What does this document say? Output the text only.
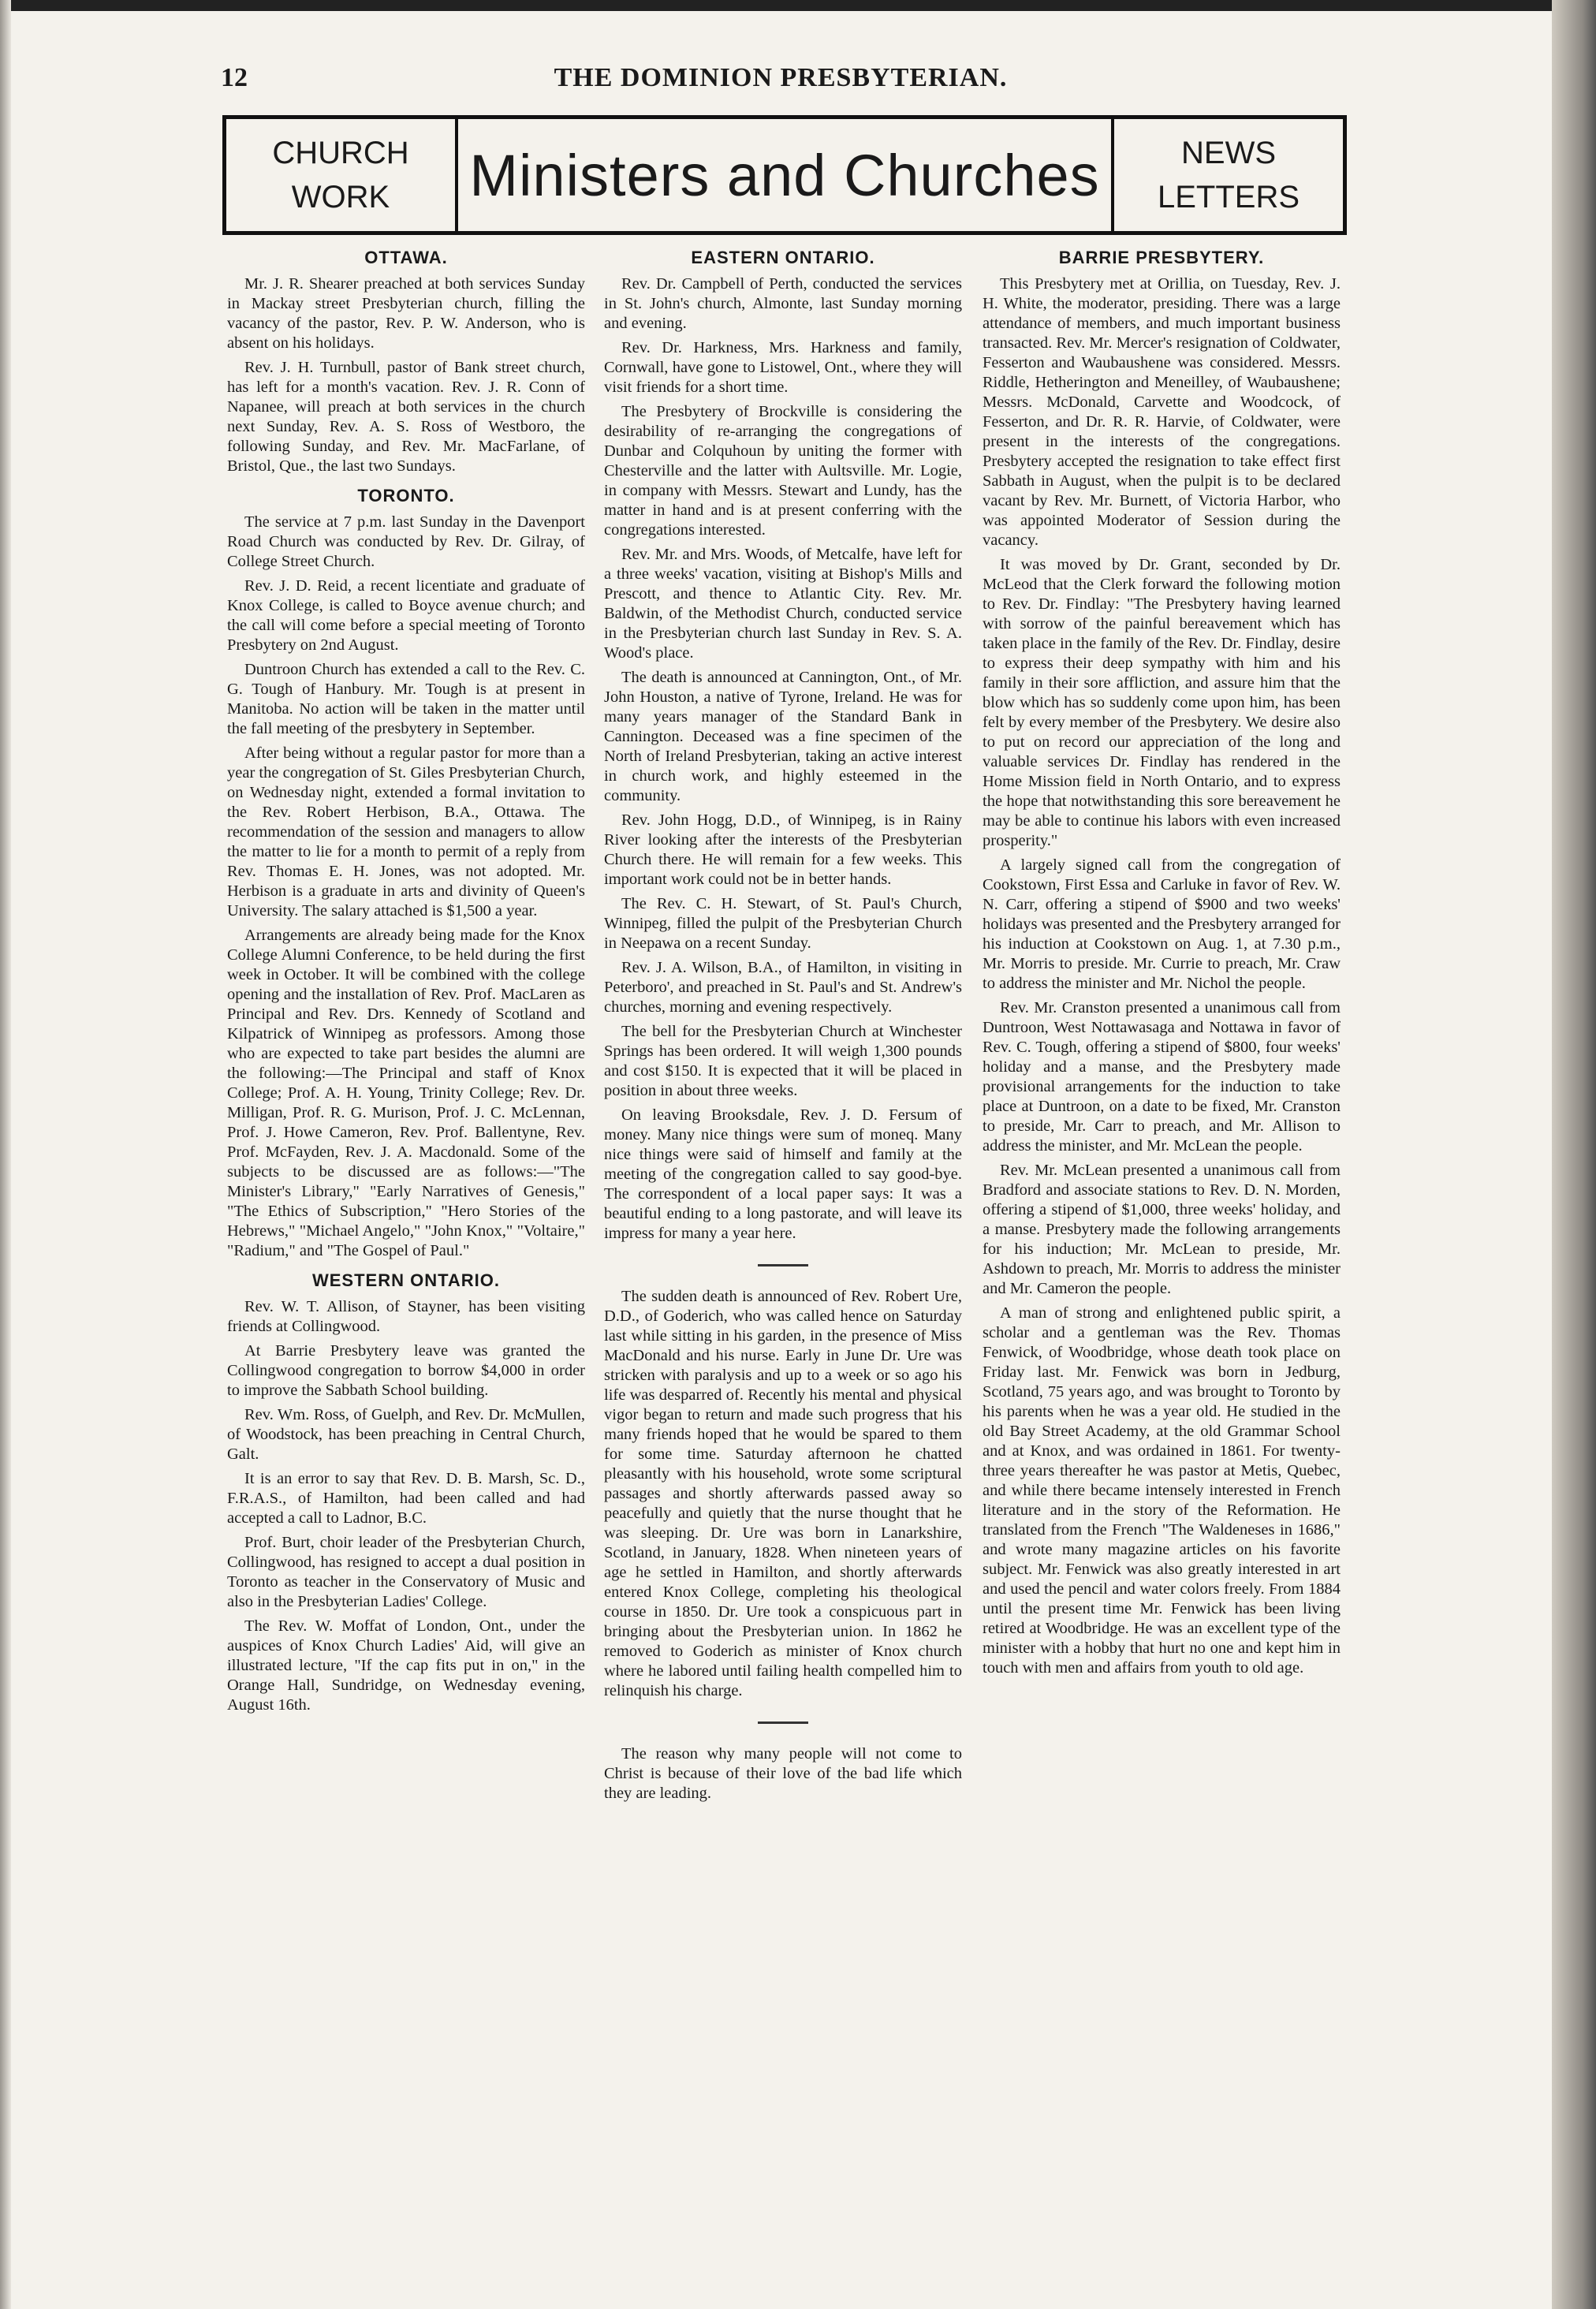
12	THE DOMINION PRESBYTERIAN.
CHURCH
WORK Ministers and Churches	NEWS
LETTERS
OTTAWA.

Mr. J. R. Shearer preached at both services Sunday in Mackay street Presbyterian church, filling the vacancy of the pastor, Rev. P. W. Anderson, who is absent on his holidays.

Rev. J. H. Turnbull, pastor of Bank street church, has left for a month's vacation. Rev. J. R. Conn of Napanee, will preach at both services in the church next Sunday, Rev. A. S. Ross of Westboro, the following Sunday, and Rev. Mr. MacFarlane, of Bristol, Que., the last two Sundays.

TORONTO.

The service at 7 p.m. last Sunday in the Davenport Road Church was conducted by Rev. Dr. Gilray, of College Street Church.

Rev. J. D. Reid, a recent licentiate and graduate of Knox College, is called to Boyce avenue church; and the call will come before a special meeting of Toronto Presbytery on 2nd August.

Duntroon Church has extended a call to the Rev. C. G. Tough of Hanbury. Mr. Tough is at present in Manitoba. No action will be taken in the matter until the fall meeting of the presbytery in September.

After being without a regular pastor for more than a year the congregation of St. Giles Presbyterian Church, on Wednesday night, extended a formal invitation to the Rev. Robert Herbison, B.A., Ottawa. The recommendation of the session and managers to allow the matter to lie for a month to permit of a reply from Rev. Thomas E. H. Jones, was not adopted. Mr. Herbison is a graduate in arts and divinity of Queen's University. The salary attached is $1,500 a year.

Arrangements are already being made for the Knox College Alumni Conference, to be held during the first week in October. It will be combined with the college opening and the installation of Rev. Prof. MacLaren as Principal and Rev. Drs. Kennedy of Scotland and Kilpatrick of Winnipeg as professors. Among those who are expected to take part besides the alumni are the following:—The Principal and staff of Knox College; Prof. A. H. Young, Trinity College; Rev. Dr. Milligan, Prof. R. G. Murison, Prof. J. C. McLennan, Prof. J. Howe Cameron, Rev. Prof. Ballentyne, Rev. Prof. McFayden, Rev. J. A. Macdonald. Some of the subjects to be discussed are as follows:—"The Minister's Library," "Early Narratives of Genesis," "The Ethics of Subscription," "Hero Stories of the Hebrews," "Michael Angelo," "John Knox," "Voltaire," "Radium," and "The Gospel of Paul."

WESTERN ONTARIO.

Rev. W. T. Allison, of Stayner, has been visiting friends at Collingwood.

At Barrie Presbytery leave was granted the Collingwood congregation to borrow $4,000 in order to improve the Sabbath School building.

Rev. Wm. Ross, of Guelph, and Rev. Dr. McMullen, of Woodstock, has been preaching in Central Church, Galt.

It is an error to say that Rev. D. B. Marsh, Sc. D., F.R.A.S., of Hamilton, had been called and had accepted a call to Ladnor, B.C.

Prof. Burt, choir leader of the Presbyterian Church, Collingwood, has resigned to accept a dual position in Toronto as teacher in the Conservatory of Music and also in the Presbyterian Ladies' College.

The Rev. W. Moffat of London, Ont., under the auspices of Knox Church Ladies' Aid, will give an illustrated lecture, "If the cap fits put in on," in the Orange Hall, Sundridge, on Wednesday evening, August 16th.

EASTERN ONTARIO.

Rev. Dr. Campbell of Perth, conducted the services in St. John's church, Almonte, last Sunday morning and evening.

Rev. Dr. Harkness, Mrs. Harkness and family, Cornwall, have gone to Listowel, Ont., where they will visit friends for a short time.

The Presbytery of Brockville is considering the desirability of re-arranging the congregations of Dunbar and Colquhoun by uniting the former with Chesterville and the latter with Aultsville. Mr. Logie, in company with Messrs. Stewart and Lundy, has the matter in hand and is at present conferring with the congregations interested.

Rev. Mr. and Mrs. Woods, of Metcalfe, have left for a three weeks' vacation, visiting at Bishop's Mills and Prescott, and thence to Atlantic City. Rev. Mr. Baldwin, of the Methodist Church, conducted service in the Presbyterian church last Sunday in Rev. S. A. Wood's place.

The death is announced at Cannington, Ont., of Mr. John Houston, a native of Tyrone, Ireland. He was for many years manager of the Standard Bank in Cannington. Deceased was a fine specimen of the North of Ireland Presbyterian, taking an active interest in church work, and highly esteemed in the community.

Rev. John Hogg, D.D., of Winnipeg, is in Rainy River looking after the interests of the Presbyterian Church there. He will remain for a few weeks. This important work could not be in better hands.

The Rev. C. H. Stewart, of St. Paul's Church, Winnipeg, filled the pulpit of the Presbyterian Church in Neepawa on a recent Sunday.

Rev. J. A. Wilson, B.A., of Hamilton, in visiting in Peterboro', and preached in St. Paul's and St. Andrew's churches, morning and evening respectively.

The bell for the Presbyterian Church at Winchester Springs has been ordered. It will weigh 1,300 pounds and cost $150. It is expected that it will be placed in position in about three weeks.

On leaving Brooksdale, Rev. J. D. Fersum of money. Many nice things were sum of moneq. Many nice things were said of himself and family at the meeting of the congregation called to say good-bye. The correspondent of a local paper says: It was a beautiful ending to a long pastorate, and will leave its impress for many a year here.

The sudden death is announced of Rev. Robert Ure, D.D., of Goderich, who was called hence on Saturday last while sitting in his garden, in the presence of Miss MacDonald and his nurse. Early in June Dr. Ure was stricken with paralysis and up to a week or so ago his life was desparred of. Recently his mental and physical vigor began to return and made such progress that his many friends hoped that he would be spared to them for some time. Saturday afternoon he chatted pleasantly with his household, wrote some scriptural passages and shortly afterwards passed away so peacefully and quietly that the nurse thought that he was sleeping. Dr. Ure was born in Lanarkshire, Scotland, in January, 1828. When nineteen years of age he settled in Hamilton, and shortly afterwards entered Knox College, completing his theological course in 1850. Dr. Ure took a conspicuous part in bringing about the Presbyterian union. In 1862 he removed to Goderich as minister of Knox church where he labored until failing health compelled him to relinquish his charge.

The reason why many people will not come to Christ is because of their love of the bad life which they are leading.

BARRIE PRESBYTERY.

This Presbytery met at Orillia, on Tuesday, Rev. J. H. White, the moderator, presiding. There was a large attendance of members, and much important business transacted. Rev. Mr. Mercer's resignation of Coldwater, Fesserton and Waubaushene was considered. Messrs. Riddle, Hetherington and Meneilley, of Waubaushene; Messrs. McDonald, Carvette and Woodcock, of Fesserton, and Dr. R. R. Harvie, of Coldwater, were present in the interests of the congregations. Presbytery accepted the resignation to take effect first Sabbath in August, when the pulpit is to be declared vacant by Rev. Mr. Burnett, of Victoria Harbor, who was appointed Moderator of Session during the vacancy.

It was moved by Dr. Grant, seconded by Dr. McLeod that the Clerk forward the following motion to Rev. Dr. Findlay: "The Presbytery having learned with sorrow of the painful bereavement which has taken place in the family of the Rev. Dr. Findlay, desire to express their deep sympathy with him and his family in their sore affliction, and assure him that the blow which has so suddenly come upon him, has been felt by every member of the Presbytery. We desire also to put on record our appreciation of the long and valuable services Dr. Findlay has rendered in the Home Mission field in North Ontario, and to express the hope that notwithstanding this sore bereavement he may be able to continue his labors with even increased prosperity."

A largely signed call from the congregation of Cookstown, First Essa and Carluke in favor of Rev. W. N. Carr, offering a stipend of $900 and two weeks' holidays was presented and the Presbytery arranged for his induction at Cookstown on Aug. 1, at 7.30 p.m., Mr. Morris to preside. Mr. Currie to preach, Mr. Craw to address the minister and Mr. Nichol the people.

Rev. Mr. Cranston presented a unanimous call from Duntroon, West Nottawasaga and Nottawa in favor of Rev. C. Tough, offering a stipend of $800, four weeks' holiday and a manse, and the Presbytery made provisional arrangements for the induction to take place at Duntroon, on a date to be fixed, Mr. Cranston to preside, Mr. Carr to preach, and Mr. Allison to address the minister, and Mr. McLean the people.

Rev. Mr. McLean presented a unanimous call from Bradford and associate stations to Rev. D. N. Morden, offering a stipend of $1,000, three weeks' holiday, and a manse. Presbytery made the following arrangements for his induction; Mr. McLean to preside, Mr. Ashdown to preach, Mr. Morris to address the minister and Mr. Cameron the people.

A man of strong and enlightened public spirit, a scholar and a gentleman was the Rev. Thomas Fenwick, of Woodbridge, whose death took place on Friday last. Mr. Fenwick was born in Jedburg, Scotland, 75 years ago, and was brought to Toronto by his parents when he was a year old. He studied in the old Bay Street Academy, at the old Grammar School and at Knox, and was ordained in 1861. For twenty-three years thereafter he was pastor at Metis, Quebec, and while there became intensely interested in French literature and in the story of the Reformation. He translated from the French "The Waldeneses in 1686," and wrote many magazine articles on his favorite subject. Mr. Fenwick was also greatly interested in art and used the pencil and water colors freely. From 1884 until the present time Mr. Fenwick has been living retired at Woodbridge. He was an excellent type of the minister with a hobby that hurt no one and kept him in touch with men and affairs from youth to old age.
